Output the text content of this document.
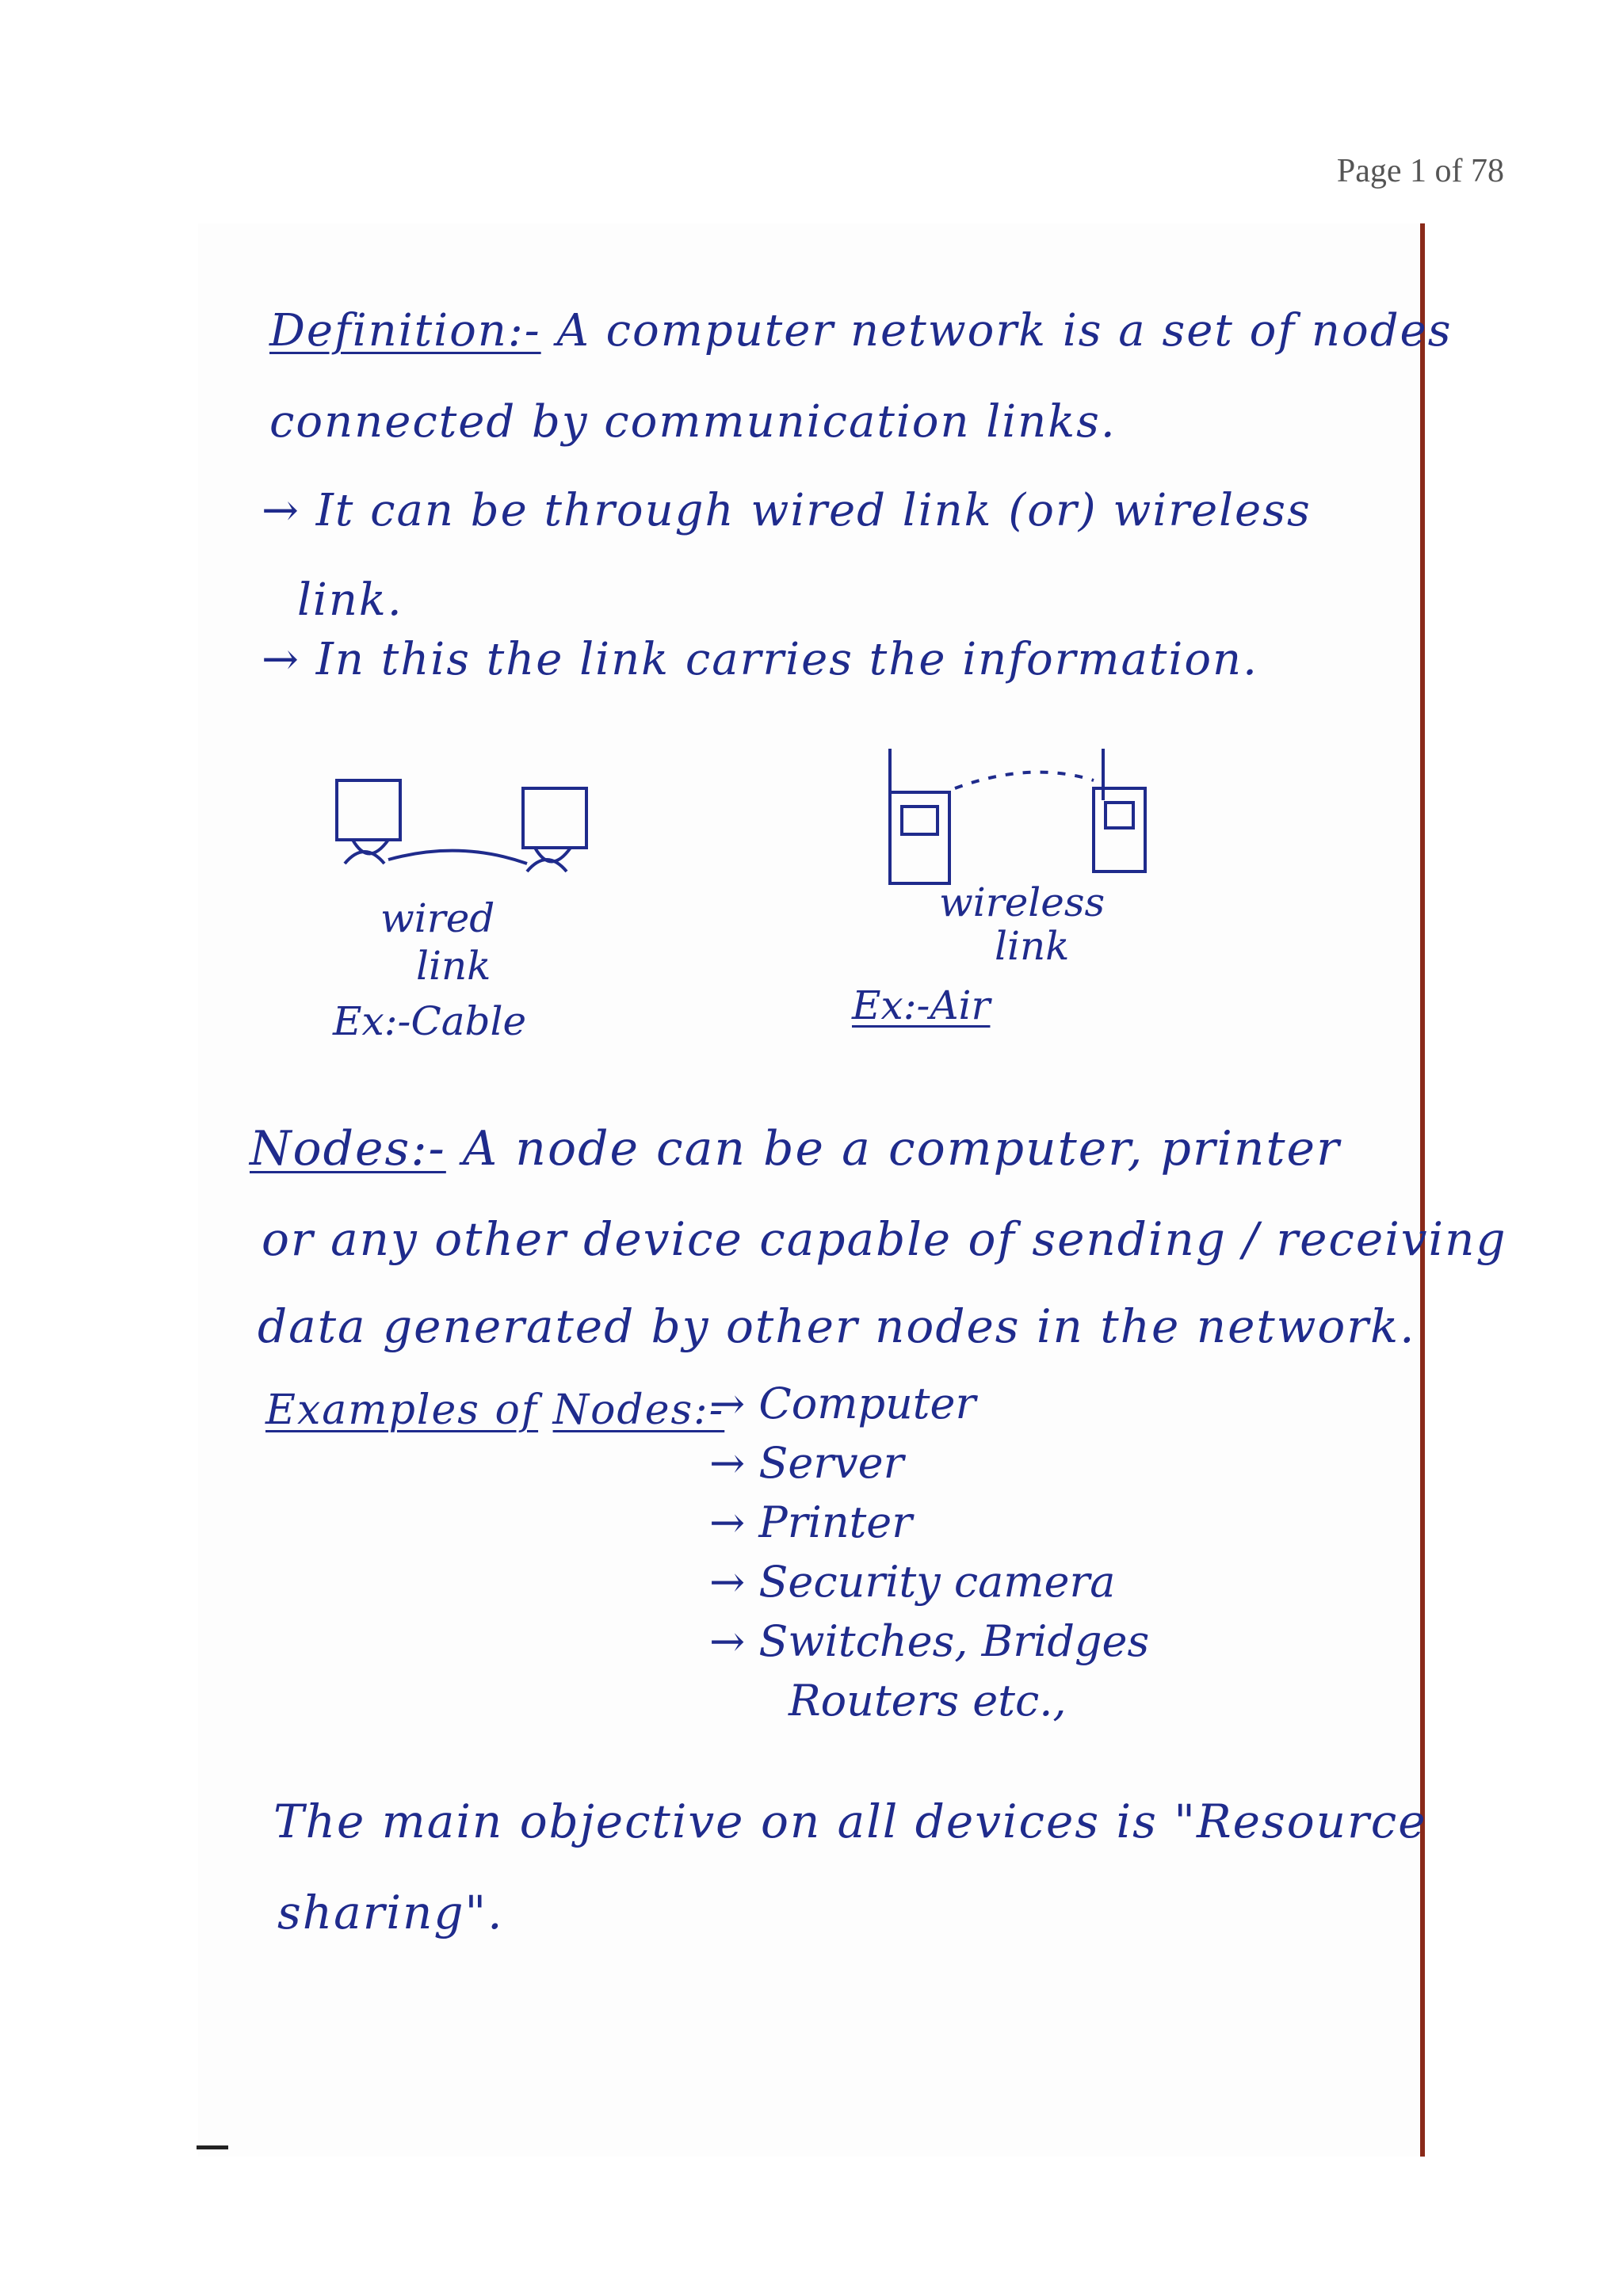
Page 1 of 78
Definition:- A computer network is a set of nodes
connected by communication links.
→ It can be through wired link (or) wireless
link.
→ In this the link carries the information.
wired
link
Ex:-Cable
wireless
link
Ex:-Air
Nodes:- A node can be a computer, printer
or any other device capable of sending / receiving
data generated by other nodes in the network.
Examples of Nodes:-
→ Computer
→ Server
→ Printer
→ Security camera
→ Switches, Bridges
Routers etc.,
The main objective on all devices is "Resource
sharing".
